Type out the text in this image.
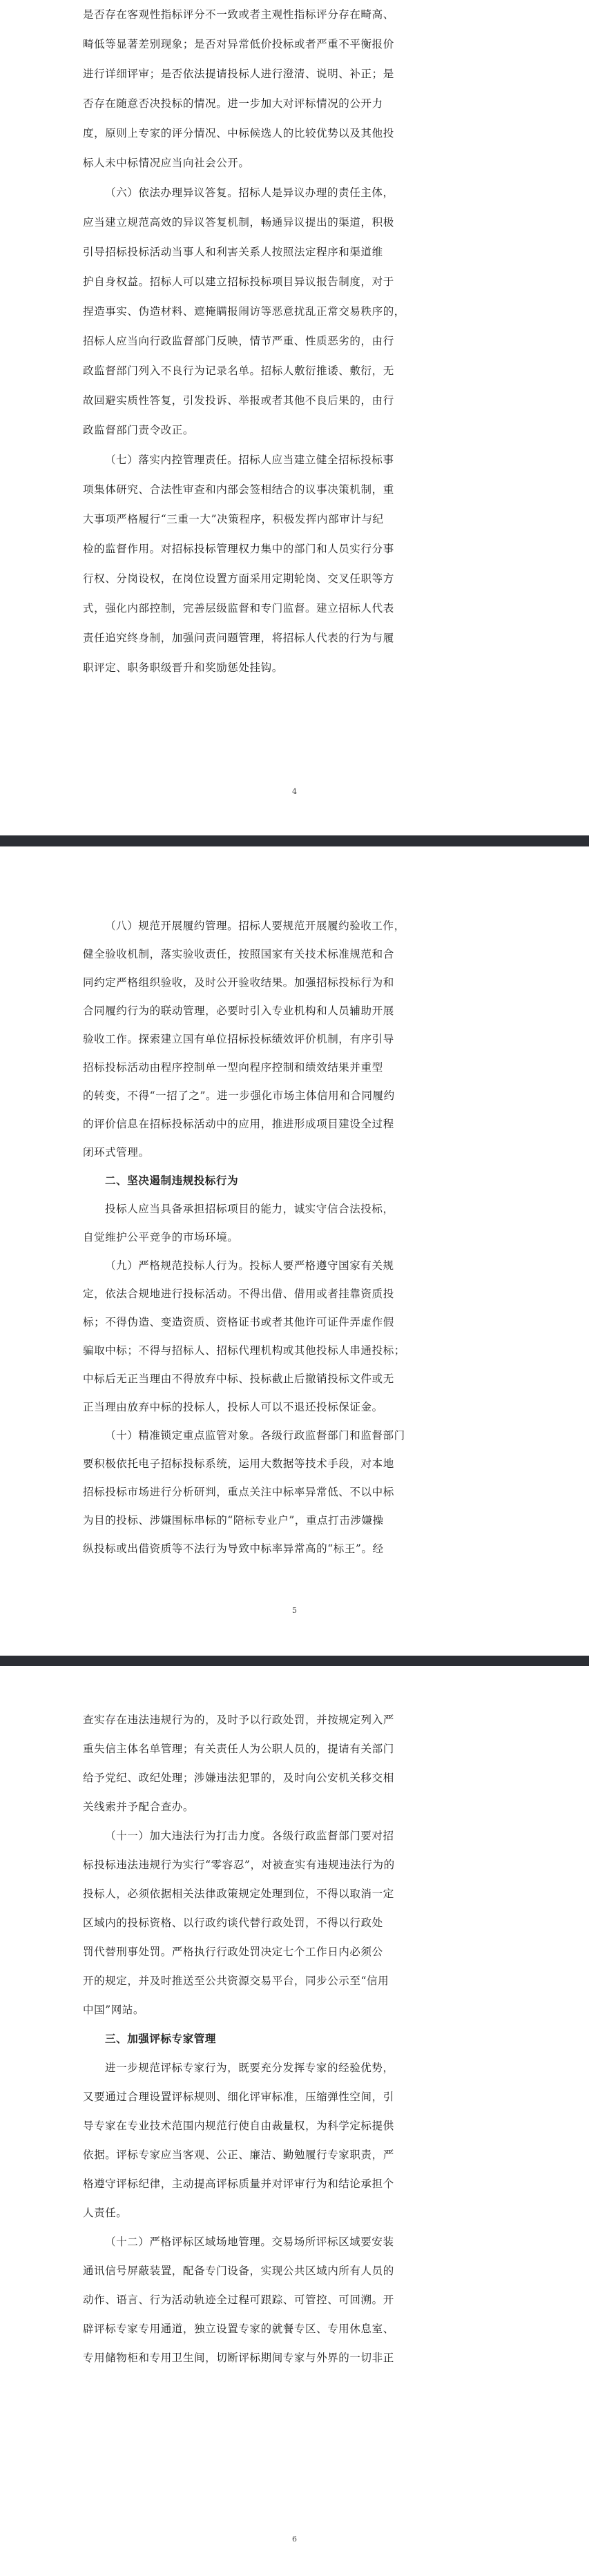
是否存在客观性指标评分不一致或者主观性指标评分存在畸高、
畸低等显著差别现象；是否对异常低价投标或者严重不平衡报价
进行详细评审；是否依法提请投标人进行澄清、说明、补正；是
否存在随意否决投标的情况。进一步加大对评标情况的公开力
度，原则上专家的评分情况、中标候选人的比较优势以及其他投
标人未中标情况应当向社会公开。
（六）依法办理异议答复。招标人是异议办理的责任主体，
应当建立规范高效的异议答复机制，畅通异议提出的渠道，积极
引导招标投标活动当事人和利害关系人按照法定程序和渠道维
护自身权益。招标人可以建立招标投标项目异议报告制度，对于
捏造事实、伪造材料、遮掩瞒报闹访等恶意扰乱正常交易秩序的，
招标人应当向行政监督部门反映，情节严重、性质恶劣的，由行
政监督部门列入不良行为记录名单。招标人敷衍推诿、敷衍，无
故回避实质性答复，引发投诉、举报或者其他不良后果的，由行
政监督部门责令改正。
（七）落实内控管理责任。招标人应当建立健全招标投标事
项集体研究、合法性审查和内部会签相结合的议事决策机制，重
大事项严格履行“三重一大”决策程序，积极发挥内部审计与纪
检的监督作用。对招标投标管理权力集中的部门和人员实行分事
行权、分岗设权，在岗位设置方面采用定期轮岗、交叉任职等方
式，强化内部控制，完善层级监督和专门监督。建立招标人代表
责任追究终身制，加强问责问题管理，将招标人代表的行为与履
职评定、职务职级晋升和奖励惩处挂钩。
4
（八）规范开展履约管理。招标人要规范开展履约验收工作，
健全验收机制，落实验收责任，按照国家有关技术标准规范和合
同约定严格组织验收，及时公开验收结果。加强招标投标行为和
合同履约行为的联动管理，必要时引入专业机构和人员辅助开展
验收工作。探索建立国有单位招标投标绩效评价机制，有序引导
招标投标活动由程序控制单一型向程序控制和绩效结果并重型
的转变，不得“一招了之”。进一步强化市场主体信用和合同履约
的评价信息在招标投标活动中的应用，推进形成项目建设全过程
闭环式管理。
二、坚决遏制违规投标行为
投标人应当具备承担招标项目的能力，诚实守信合法投标，
自觉维护公平竞争的市场环境。
（九）严格规范投标人行为。投标人要严格遵守国家有关规
定，依法合规地进行投标活动。不得出借、借用或者挂靠资质投
标；不得伪造、变造资质、资格证书或者其他许可证件弄虚作假
骗取中标；不得与招标人、招标代理机构或其他投标人串通投标；
中标后无正当理由不得放弃中标、投标截止后撤销投标文件或无
正当理由放弃中标的投标人，投标人可以不退还投标保证金。
（十）精准锁定重点监管对象。各级行政监督部门和监督部门
要积极依托电子招标投标系统，运用大数据等技术手段，对本地
招标投标市场进行分析研判，重点关注中标率异常低、不以中标
为目的投标、涉嫌围标串标的“陪标专业户”，重点打击涉嫌操
纵投标或出借资质等不法行为导致中标率异常高的“标王”。经
5
查实存在违法违规行为的，及时予以行政处罚，并按规定列入严
重失信主体名单管理；有关责任人为公职人员的，提请有关部门
给予党纪、政纪处理；涉嫌违法犯罪的，及时向公安机关移交相
关线索并予配合查办。
（十一）加大违法行为打击力度。各级行政监督部门要对招
标投标违法违规行为实行“零容忍”，对被查实有违规违法行为的
投标人，必须依据相关法律政策规定处理到位，不得以取消一定
区域内的投标资格、以行政约谈代替行政处罚，不得以行政处
罚代替刑事处罚。严格执行行政处罚决定七个工作日内必须公
开的规定，并及时推送至公共资源交易平台，同步公示至“信用
中国”网站。
三、加强评标专家管理
进一步规范评标专家行为，既要充分发挥专家的经验优势，
又要通过合理设置评标规则、细化评审标准，压缩弹性空间，引
导专家在专业技术范围内规范行使自由裁量权，为科学定标提供
依据。评标专家应当客观、公正、廉洁、勤勉履行专家职责，严
格遵守评标纪律，主动提高评标质量并对评审行为和结论承担个
人责任。
（十二）严格评标区域场地管理。交易场所评标区域要安装
通讯信号屏蔽装置，配备专门设备，实现公共区域内所有人员的
动作、语言、行为活动轨迹全过程可跟踪、可管控、可回溯。开
辟评标专家专用通道，独立设置专家的就餐专区、专用休息室、
专用储物柜和专用卫生间，切断评标期间专家与外界的一切非正
6
